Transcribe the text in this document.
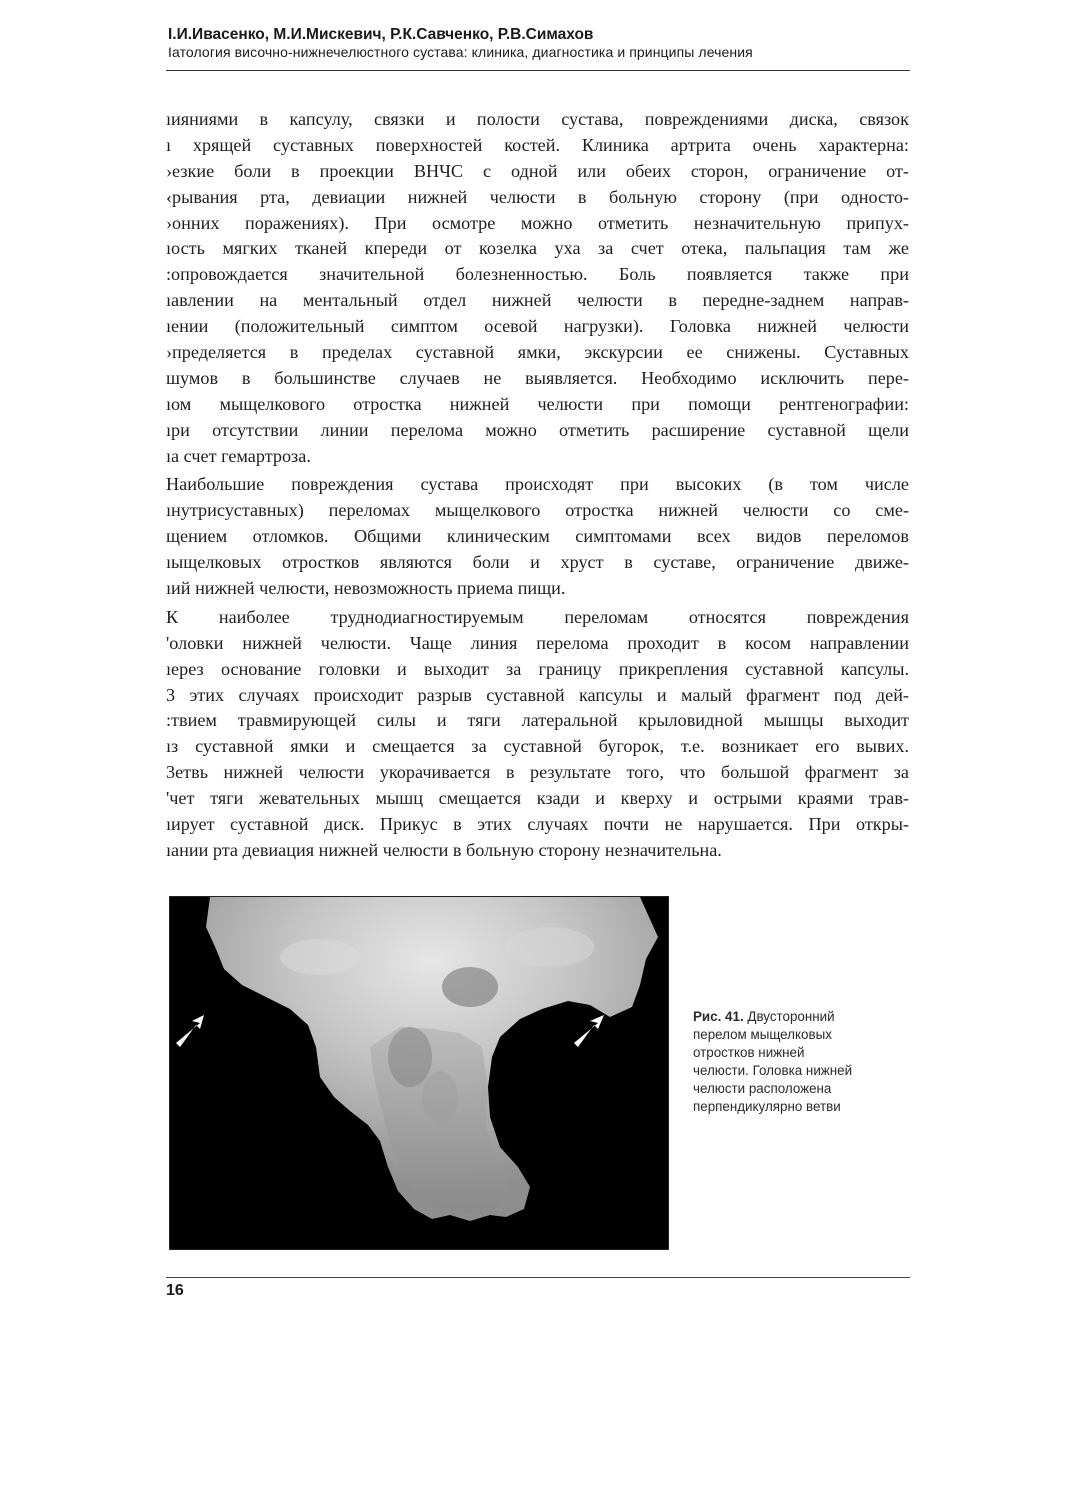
І.И.Ивасенко, М.И.Мискевич, Р.К.Савченко, Р.В.Симахов
Іатология височно-нижнечелюстного сустава: клиника, диагностика и принципы лечения
ıияниями в капсулу, связки и полости сустава, повреждениями диска, связок
ı хрящей суставных поверхностей костей. Клиника артрита очень характерна:
›езкие боли в проекции ВНЧС с одной или обеих сторон, ограничение от-
‹рывания рта, девиации нижней челюсти в больную сторону (при односто-
›онних поражениях). При осмотре можно отметить незначительную припух-
ıость мягких тканей кпереди от козелка уха за счет отека, пальпация там же
:опровождается значительной болезненностью. Боль появляется также при
ıавлении на ментальный отдел нижней челюсти в передне-заднем направ-
ıении (положительный симптом осевой нагрузки). Головка нижней челюсти
›пределяется в пределах суставной ямки, экскурсии ее снижены. Суставных
шумов в большинстве случаев не выявляется. Необходимо исключить пере-
ıом мыщелкового отростка нижней челюсти при помощи рентгенографии:
ıри отсутствии линии перелома можно отметить расширение суставной щели
ıа счет гемартроза.
Наибольшие повреждения сустава происходят при высоких (в том числе
ıнутрисуставных) переломах мыщелкового отростка нижней челюсти со сме-
щением отломков. Общими клиническим симптомами всех видов переломов
ıыщелковых отростков являются боли и хруст в суставе, ограничение движе-
ıий нижней челюсти, невозможность приема пищи.
К наиболее труднодиагностируемым переломам относятся повреждения
'оловки нижней челюсти. Чаще линия перелома проходит в косом направлении
ıерез основание головки и выходит за границу прикрепления суставной капсулы.
3 этих случаях происходит разрыв суставной капсулы и малый фрагмент под дей-
:твием травмирующей силы и тяги латеральной крыловидной мышцы выходит
ıз суставной ямки и смещается за суставной бугорок, т.е. возникает его вывих.
3етвь нижней челюсти укорачивается в результате того, что большой фрагмент за
'чет тяги жевательных мышц смещается кзади и кверху и острыми краями трав-
ıирует суставной диск. Прикус в этих случаях почти не нарушается. При откры-
ıании рта девиация нижней челюсти в больную сторону незначительна.
Рис. 41. Двусторонний
перелом мыщелковых
отростков нижней
челюсти. Головка нижней
челюсти расположена
перпендикулярно ветви
16
